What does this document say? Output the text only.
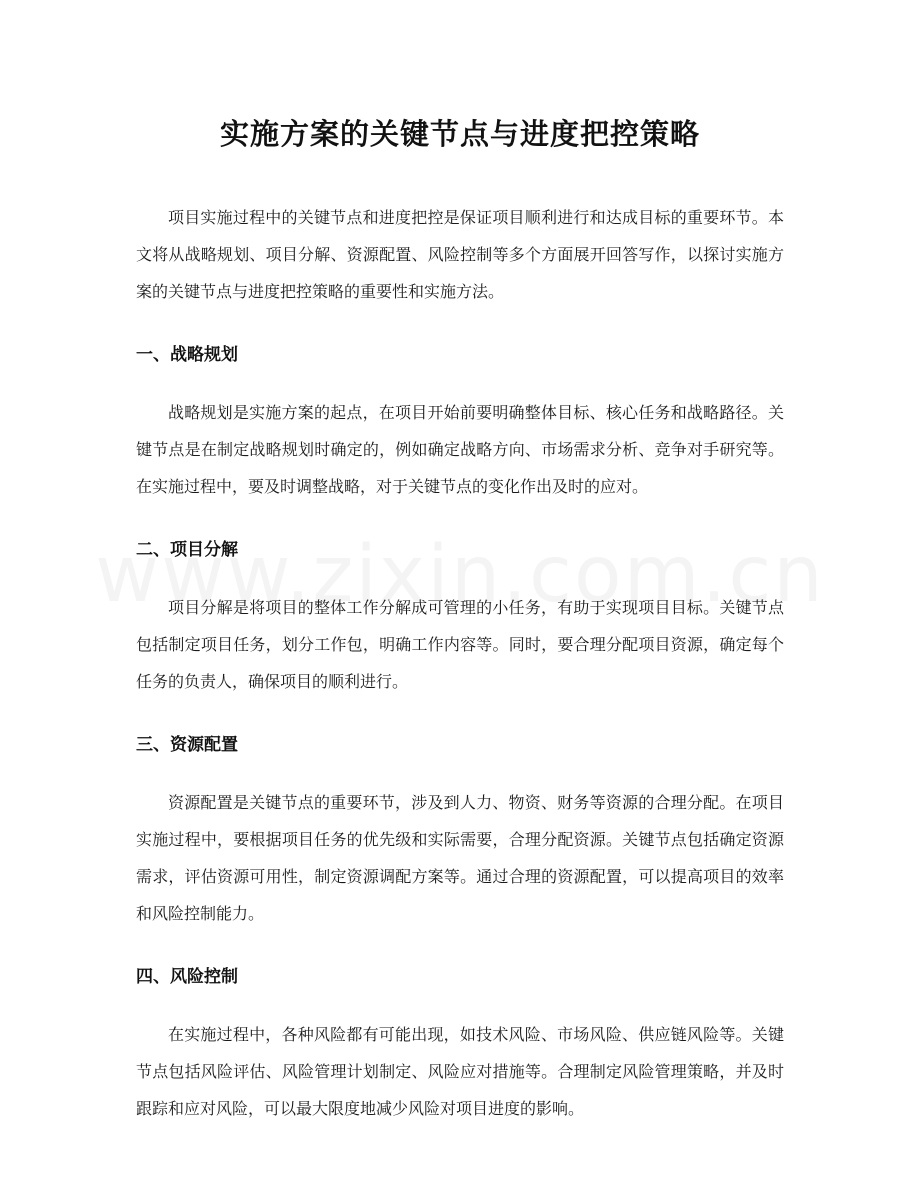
实施方案的关键节点与进度把控策略

项目实施过程中的关键节点和进度把控是保证项目顺利进行和达成目标的重要环节。本文将从战略规划、项目分解、资源配置、风险控制等多个方面展开回答写作，以探讨实施方案的关键节点与进度把控策略的重要性和实施方法。

一、战略规划

战略规划是实施方案的起点，在项目开始前要明确整体目标、核心任务和战略路径。关键节点是在制定战略规划时确定的，例如确定战略方向、市场需求分析、竞争对手研究等。在实施过程中，要及时调整战略，对于关键节点的变化作出及时的应对。

二、项目分解

项目分解是将项目的整体工作分解成可管理的小任务，有助于实现项目目标。关键节点包括制定项目任务，划分工作包，明确工作内容等。同时，要合理分配项目资源，确定每个任务的负责人，确保项目的顺利进行。

三、资源配置

资源配置是关键节点的重要环节，涉及到人力、物资、财务等资源的合理分配。在项目实施过程中，要根据项目任务的优先级和实际需要，合理分配资源。关键节点包括确定资源需求，评估资源可用性，制定资源调配方案等。通过合理的资源配置，可以提高项目的效率和风险控制能力。

四、风险控制

在实施过程中，各种风险都有可能出现，如技术风险、市场风险、供应链风险等。关键节点包括风险评估、风险管理计划制定、风险应对措施等。合理制定风险管理策略，并及时跟踪和应对风险，可以最大限度地减少风险对项目进度的影响。
